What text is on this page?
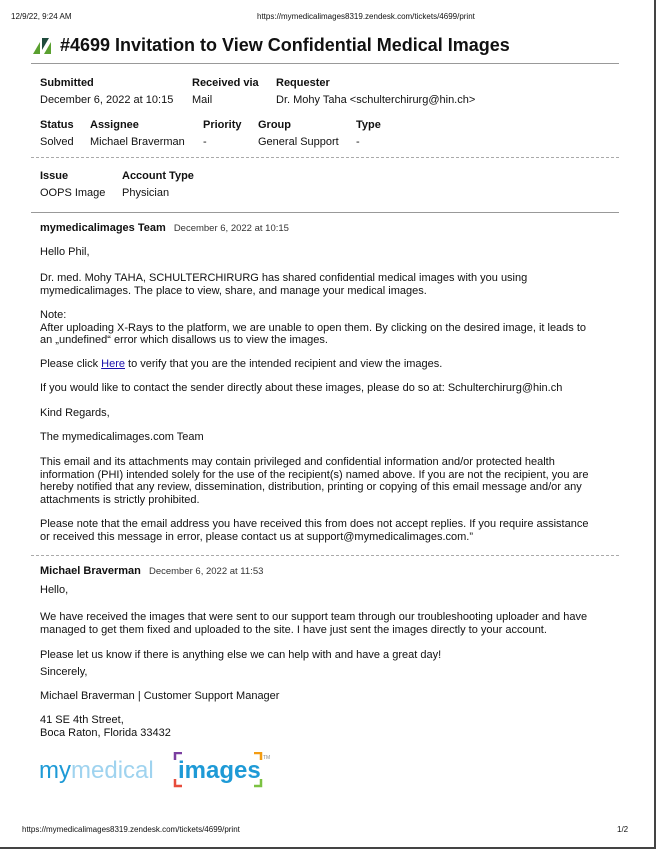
12/9/22, 9:24 AM	https://mymedicalimages8319.zendesk.com/tickets/4699/print
#4699 Invitation to View Confidential Medical Images
Submitted
December 6, 2022 at 10:15
Received via
Mail
Requester
Dr. Mohy Taha <schulterchirurg@hin.ch>
Status
Solved
Assignee
Michael Braverman
Priority
-
Group
General Support
Type
-
Issue
OOPS Image
Account Type
Physician
mymedicalimages Team December 6, 2022 at 10:15
Hello Phil,
Dr. med. Mohy TAHA, SCHULTERCHIRURG has shared confidential medical images with you using
mymedicalimages. The place to view, share, and manage your medical images.
Note:
After uploading X-Rays to the platform, we are unable to open them. By clicking on the desired image, it leads to
an „undefined“ error which disallows us to view the images.
Please click Here to verify that you are the intended recipient and view the images.
If you would like to contact the sender directly about these images, please do so at: Schulterchirurg@hin.ch
Kind Regards,
The mymedicalimages.com Team
This email and its attachments may contain privileged and confidential information and/or protected health
information (PHI) intended solely for the use of the recipient(s) named above. If you are not the recipient, you are
hereby notified that any review, dissemination, distribution, printing or copying of this email message and/or any
attachments is strictly prohibited.
Please note that the email address you have received this from does not accept replies. If you require assistance
or received this message in error, please contact us at support@mymedicalimages.com.”
Michael Braverman December 6, 2022 at 11:53
Hello,
We have received the images that were sent to our support team through our troubleshooting uploader and have
managed to get them fixed and uploaded to the site. I have just sent the images directly to your account.
Please let us know if there is anything else we can help with and have a great day!
Sincerely,
Michael Braverman | Customer Support Manager
41 SE 4th Street,
Boca Raton, Florida 33432
my medical images TM
https://mymedicalimages8319.zendesk.com/tickets/4699/print	1/2
